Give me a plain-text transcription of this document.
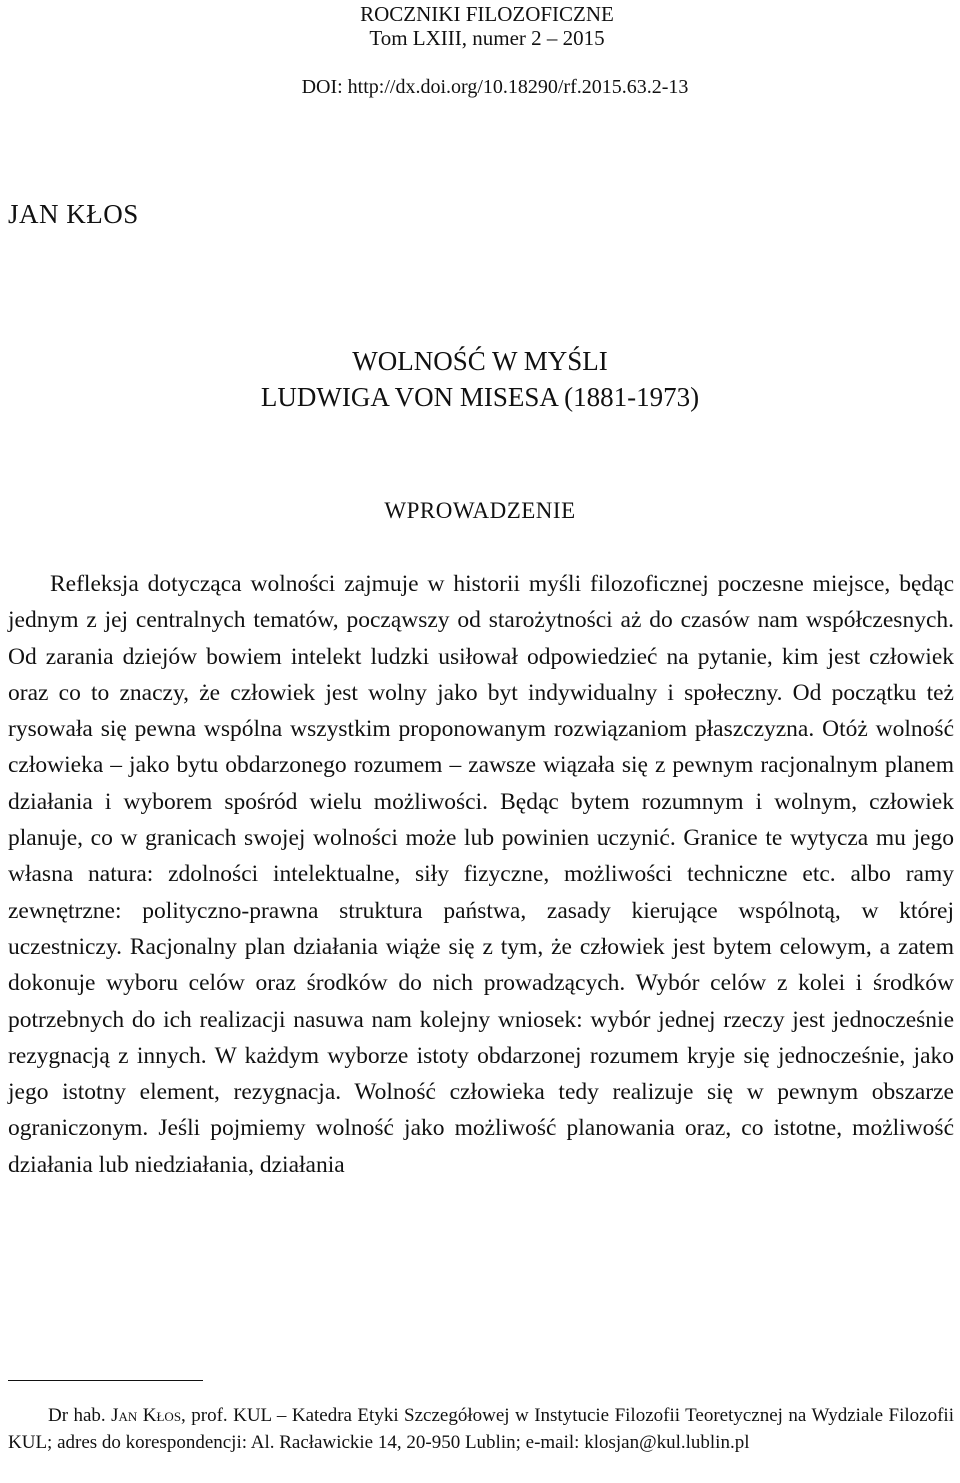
ROCZNIKI FILOZOFICZNE
Tom LXIII, numer 2 – 2015
DOI: http://dx.doi.org/10.18290/rf.2015.63.2-13
JAN KŁOS
WOLNOŚĆ W MYŚLI
LUDWIGA VON MISESA (1881-1973)
WPROWADZENIE

Refleksja dotycząca wolności zajmuje w historii myśli filozoficznej poczesne miejsce, będąc jednym z jej centralnych tematów, począwszy od starożytności aż do czasów nam współczesnych. Od zarania dziejów bowiem intelekt ludzki usiłował odpowiedzieć na pytanie, kim jest człowiek oraz co to znaczy, że człowiek jest wolny jako byt indywidualny i społeczny. Od początku też rysowała się pewna wspólna wszystkim proponowanym rozwiązaniom płaszczyzna. Otóż wolność człowieka – jako bytu obdarzonego rozumem – zawsze wiązała się z pewnym racjonalnym planem działania i wyborem spośród wielu możliwości. Będąc bytem rozumnym i wolnym, człowiek planuje, co w granicach swojej wolności może lub powinien uczynić. Granice te wytycza mu jego własna natura: zdolności intelektualne, siły fizyczne, możliwości techniczne etc. albo ramy zewnętrzne: polityczno-prawna struktura państwa, zasady kierujące wspólnotą, w której uczestniczy. Racjonalny plan działania wiąże się z tym, że człowiek jest bytem celowym, a zatem dokonuje wyboru celów oraz środków do nich prowadzących. Wybór celów z kolei i środków potrzebnych do ich realizacji nasuwa nam kolejny wniosek: wybór jednej rzeczy jest jednocześnie rezygnacją z innych. W każdym wyborze istoty obdarzonej rozumem kryje się jednocześnie, jako jego istotny element, rezygnacja. Wolność człowieka tedy realizuje się w pewnym obszarze ograniczonym. Jeśli pojmiemy wolność jako możliwość planowania oraz, co istotne, możliwość działania lub niedziałania, działania

Dr hab. Jan Kłos, prof. KUL – Katedra Etyki Szczegółowej w Instytucie Filozofii Teoretycznej na Wydziale Filozofii KUL; adres do korespondencji: Al. Racławickie 14, 20-950 Lublin; e-mail: klosjan@kul.lublin.pl
